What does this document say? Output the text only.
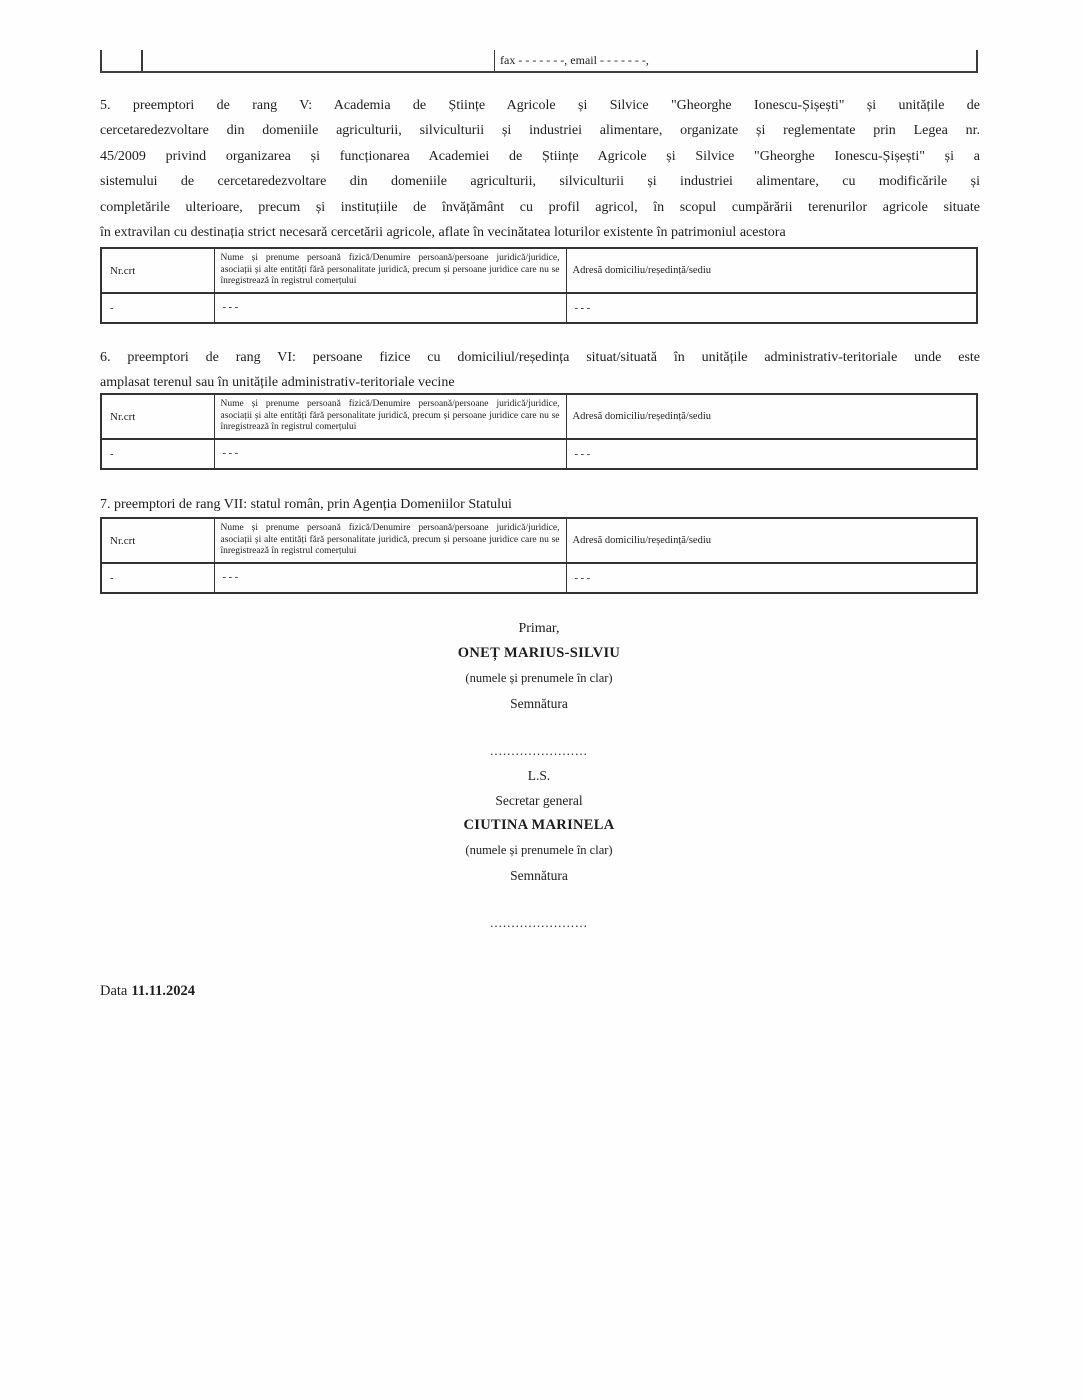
fax - - - - - - -, email - - - - - - -,
5. preemptori de rang V: Academia de Științe Agricole și Silvice "Gheorghe Ionescu-Șișești" și unitățile de
cercetaredezvoltare din domeniile agriculturii, silviculturii și industriei alimentare, organizate și reglementate prin Legea nr.
45/2009 privind organizarea și funcționarea Academiei de Științe Agricole și Silvice "Gheorghe Ionescu-Șișești" și a
sistemului de cercetaredezvoltare din domeniile agriculturii, silviculturii și industriei alimentare, cu modificările și
completările ulterioare, precum și instituțiile de învățământ cu profil agricol, în scopul cumpărării terenurilor agricole situate
în extravilan cu destinația strict necesară cercetării agricole, aflate în vecinătatea loturilor existente în patrimoniul acestora
Nr.crt	Nume și prenume persoană fizică/Denumire persoană/persoane juridică/juridice, asociații și alte entități fără personalitate juridică, precum și persoane juridice care nu se înregistrează în registrul comerțului	Adresă domiciliu/reședință/sediu
-	- - -	- - -
6. preemptori de rang VI: persoane fizice cu domiciliul/reședința situat/situată în unitățile administrativ-teritoriale unde este
amplasat terenul sau în unitățile administrativ-teritoriale vecine
Nr.crt	Nume și prenume persoană fizică/Denumire persoană/persoane juridică/juridice, asociații și alte entități fără personalitate juridică, precum și persoane juridice care nu se înregistrează în registrul comerțului	Adresă domiciliu/reședință/sediu
-	- - -	- - -
7. preemptori de rang VII: statul român, prin Agenția Domeniilor Statului
Nr.crt	Nume și prenume persoană fizică/Denumire persoană/persoane juridică/juridice, asociații și alte entități fără personalitate juridică, precum și persoane juridice care nu se înregistrează în registrul comerțului	Adresă domiciliu/reședință/sediu
-	- - -	- - -
Primar,
ONEȚ MARIUS-SILVIU
(numele și prenumele în clar)
Semnătura
.......................
L.S.
Secretar general
CIUTINA MARINELA
(numele și prenumele în clar)
Semnătura
.......................
Data 11.11.2024
